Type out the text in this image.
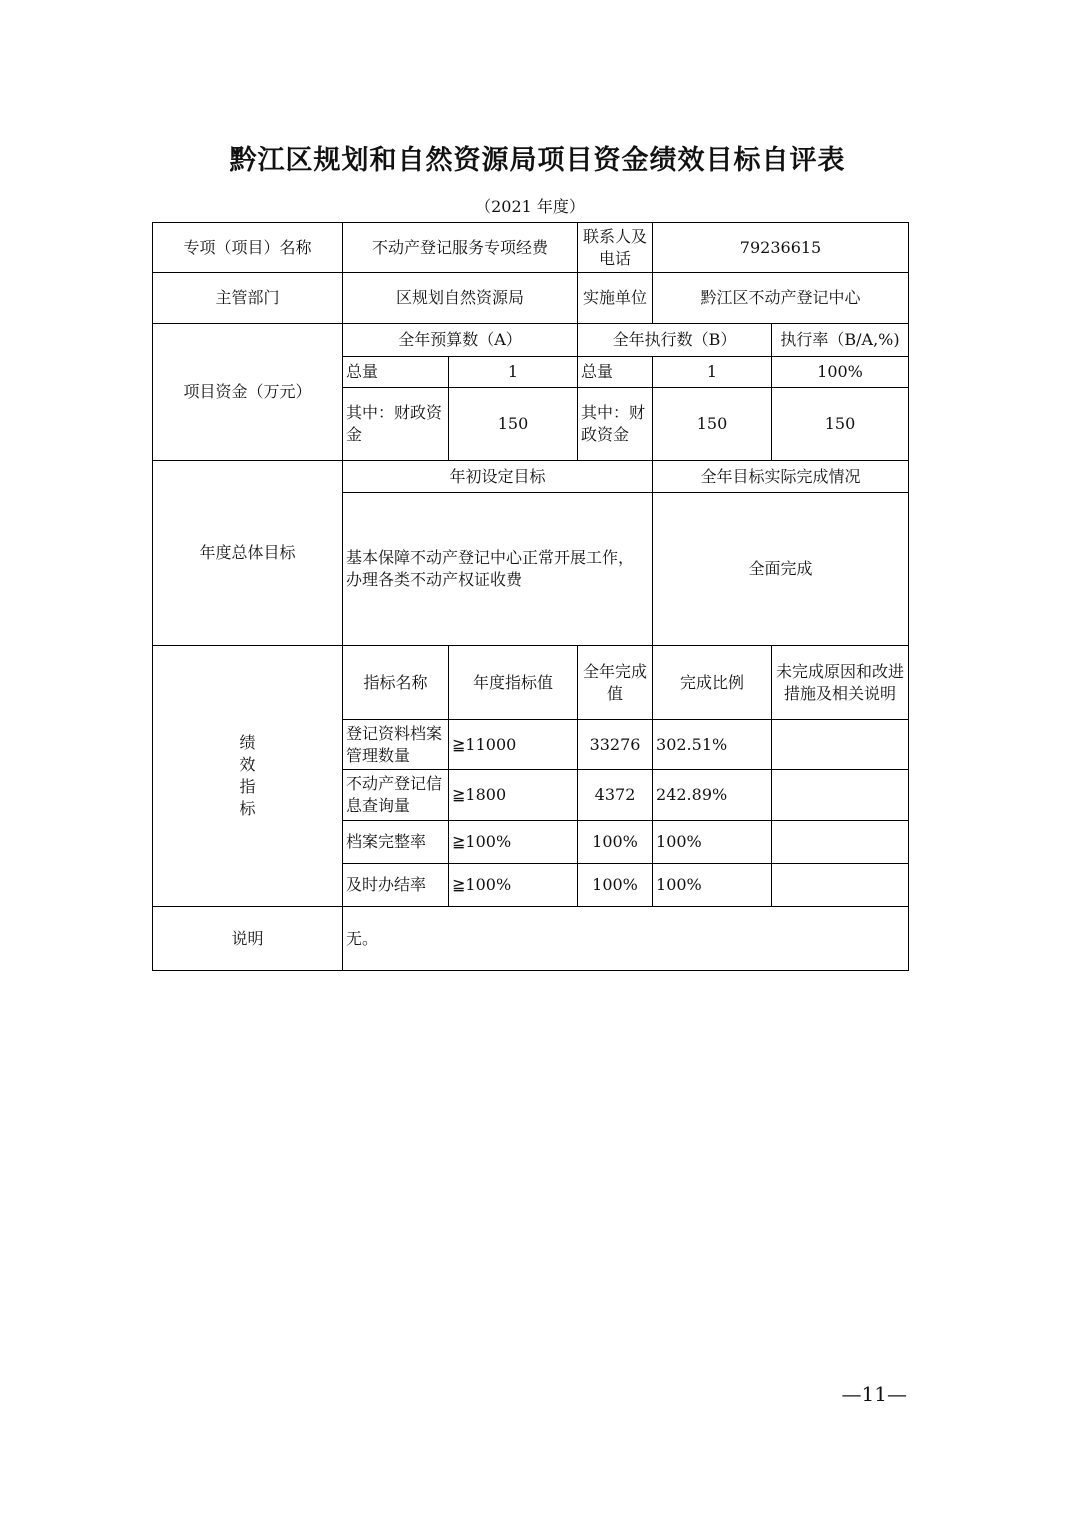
黔江区规划和自然资源局项目资金绩效目标自评表
（2021 年度）
专项（项目）名称	不动产登记服务专项经费		联系人及电话	79236615	
主管部门	区规划自然资源局		实施单位	黔江区不动产登记中心	
项目资金（万元）	全年预算数（A）		全年执行数（B）		执行率（B/A,%)
	总量	1	总量	1	100%
	其中：财政资金	150	其中：财政资金	150	150
年度总体目标	年初设定目标			全年目标实际完成情况	
	基本保障不动产登记中心正常开展工作，办理各类不动产权证收费			全面完成	

绩效指标	指标名称	年度指标值	全年完成值	完成比例	未完成原因和改进措施及相关说明
	登记资料档案管理数量	≧11000	33276	302.51%	
	不动产登记信息查询量	≧1800	4372	242.89%	
	档案完整率	≧100%	100%	100%	
	及时办结率	≧100%	100%	100%	
说明	无。				
—11—
